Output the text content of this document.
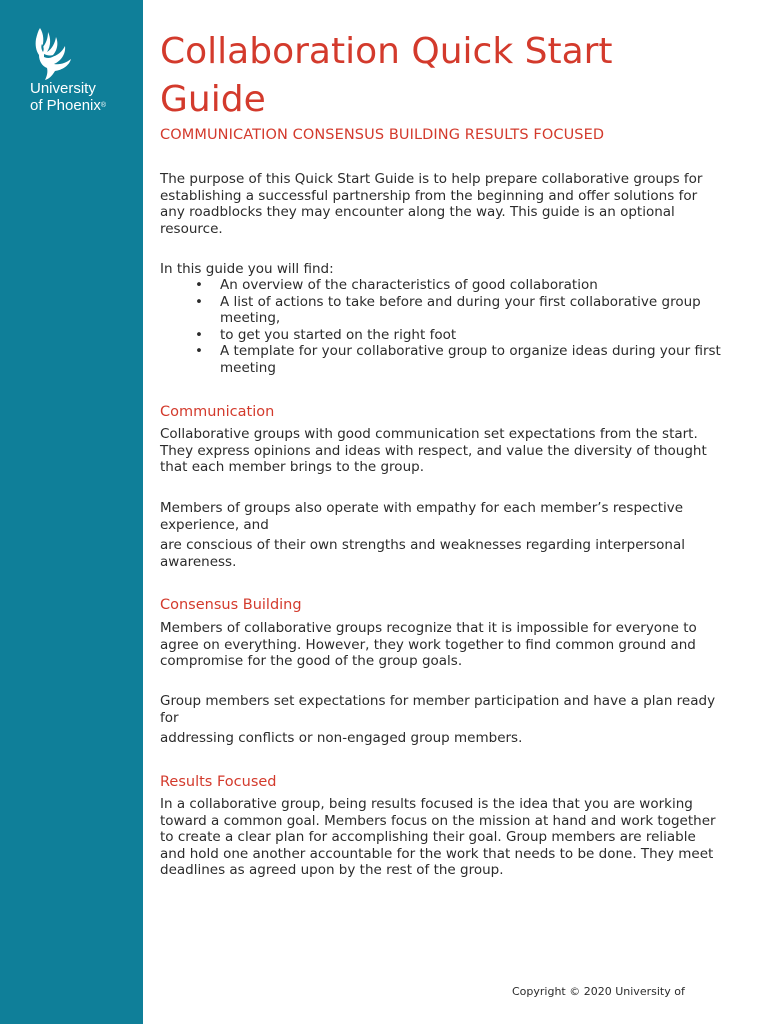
University
of Phoenix®
Collaboration Quick Start Guide

COMMUNICATION CONSENSUS BUILDING RESULTS FOCUSED

The purpose of this Quick Start Guide is to help prepare collaborative groups for establishing a successful partnership from the beginning and offer solutions for any roadblocks they may encounter along the way. This guide is an optional resource.

In this guide you will find:

• An overview of the characteristics of good collaboration
• A list of actions to take before and during your first collaborative group meeting,
• to get you started on the right foot
• A template for your collaborative group to organize ideas during your first meeting
Communication

Collaborative groups with good communication set expectations from the start. They express opinions and ideas with respect, and value the diversity of thought that each member brings to the group.

Members of groups also operate with empathy for each member’s respective experience, and

are conscious of their own strengths and weaknesses regarding interpersonal awareness.

Consensus Building

Members of collaborative groups recognize that it is impossible for everyone to agree on everything. However, they work together to find common ground and compromise for the good of the group goals.

Group members set expectations for member participation and have a plan ready for

addressing conflicts or non-engaged group members.

Results Focused

In a collaborative group, being results focused is the idea that you are working toward a common goal. Members focus on the mission at hand and work together to create a clear plan for accomplishing their goal. Group members are reliable and hold one another accountable for the work that needs to be done. They meet deadlines as agreed upon by the rest of the group.

Copyright © 2020 University of
